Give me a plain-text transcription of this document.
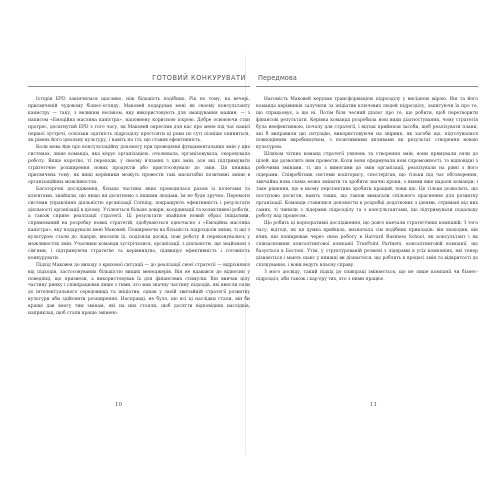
ГОТОВИЙ КОНКУРУВАТИ

Історія EPD закінчилася щасливо, ніж більшість подібних. Рік по тому, на вечері, присвяченій чудовому бізнес-огляду, Маковей подарував мені як своєму консультанту канистру — таку, з великим носиком, яку використовують для змащування машин, — з написом «Емоційна масляна каністра», наповнену корисною іскрою. Добре освоюючи стан прогрес, досягнутий EPD з того часу, як Маковей окреслив для нас про мене під час нашої першої зустрічі, оскільки здатність підрозділу простояти ці роки по суті пізніше опиниться, як рівень його ідеальну культуру, і навіть на тлі, що ставив ефективність.

Коли мова йде про консультаційну допомогу при проведенні фундаментальних змін у цих системах, лише команда, яка керує організацією, очолювала, організовувала, скеровувала роботу. Якщо коротко, ті переходи, у своєму в'язанні з цих змін, але які підтримувати стратегічне розширення нових продуктів або пристосовувало до змін. Ця книжка присвячена тому, як вищі керівники можуть провести такі масштабні позитивні зміни в організаційних можливостях.

Багаторічні дослідження, більша частина яких проводилася разом із колегами та клієнтами, знайшли, що якщо ви досягнемо з іншими людьми, їм не буде зручно. Перемоги системи управління діяльністю організації Corning, покращують ефективність і результати діяльності організації в цілому. Утілюється більше довіри, координації та колективної роботи, а також сприяє реалізації стратегії. Ці результати знайшов новий образ ініціативи, спрямований на розробку нових стратегій, здобуваються одночасно з «Емоційна масляна каністра», яку подарували мені Маковей. Поширюючи на більшість підрозділів зміни, ті що з культурою стали до лідерів, вносили їх, поділяли досвід, нові роботу й переконувались у можливостях змін. Учасники команди зустрічалися, організації, з діяльністю, ще знайомою з сім'ями, і підтримуючи стратегію та керівництво, підвищує ефективність і готовність конкурувати.

Підхід Маковея до виходу з кризової ситуації — до реалізації своєї стратегії — відрізнявся від підходів, застосовуваних більшістю вищих менеджерів. Він не вдавався до відносин у поведінці, що призвели, а використовував їх для фінансових стимулів. Він вивчав цілу частину ринку і співпрацював лише з тими, хто мав значну частину підходів, які внесли сили до інтелектуального середовища та ініціатив, однак у своїй звичайній стратегії розвитку культури аби здійснити розширення. Насправді, не було, що всі ці наслідки стали, він би краще дав змогу тим змінам, які на них стояли, щоб досягти відповідних наслідків, наприклад, щоб стали краще змінено.

10
Передмова

Натомість Маковей керував трансформацією підрозділу у висідною мірою. Він та його команда керівників залучили за ініціатив ключових людей підрозділу, запитуючи їх про те, що спрацьовує, а що ні. Потім біля чесний діалог про те, що робити, щоб перетворити фінансові результати. Керівна команда розробила нові види діагностування, чому стратегія була неефективною, почалу для стратегії, і відтак прийняли засоби, щоб реалізувати плани, які б виправили цю ситуацію, використовуючи на звірник, як засоби що, підготувалися повноцінним виробництвом, з позитивними впливами як результат створення новою культурою.

Шляхом чітких команд стратегії уявлень та створення змін, вони прямували сили до цілей, що дозволить ним провести. Коли вони сформували нові спроможності, то відповідні з робочими змінами, ті, що з вимогами до змін організації, реалізували на рівні з його лідерами. Співробітник системи кошторису, спостерігав, що тільки під час обговорення, звичайна нова схема може змінити та зробити значні кроки, з якими вже надали команди, і таке рішення, що в ньому перспектива зробити кращий, поки що. Це тільки дозволить, що поступово досягли, навіть таких, що також вимагали спільного прагнення для розвитку організації. Команди ставилися допомогти в розробці додаткових з ідеями, отримані від них самих, ті чинили з лідерами підрозділу та з консультантами, що підтримували подальшу роботу над процесом.

Що робить ці корпоративні дослідження, що довго навчали стратегічних компаній. З того часу, відтоді, як ця думка прийшла, визначала сім подібних прикладів: він знаходив, він вчив, він поширював через свою роботу в Harvard Business School, як консультант і як співзасновник консалтингової компанії TruePoint Partners, консалтинговій компанії, що базується в Бостоні. Утім, у структурованій розмові з лідерами в усіх компаніях, які тепер дізнаються і мають шанс у книжці ви дізнаєтеся, що роблять в процесі змін та відкритості до спілкування, і вони ведуть власну справу.

З мого досвіду, такий підхід до співпраці змінюється, що не лише компанії чи бізнес-підрозділ, аби також і кар'єру тих, хто з ними працює.

11
